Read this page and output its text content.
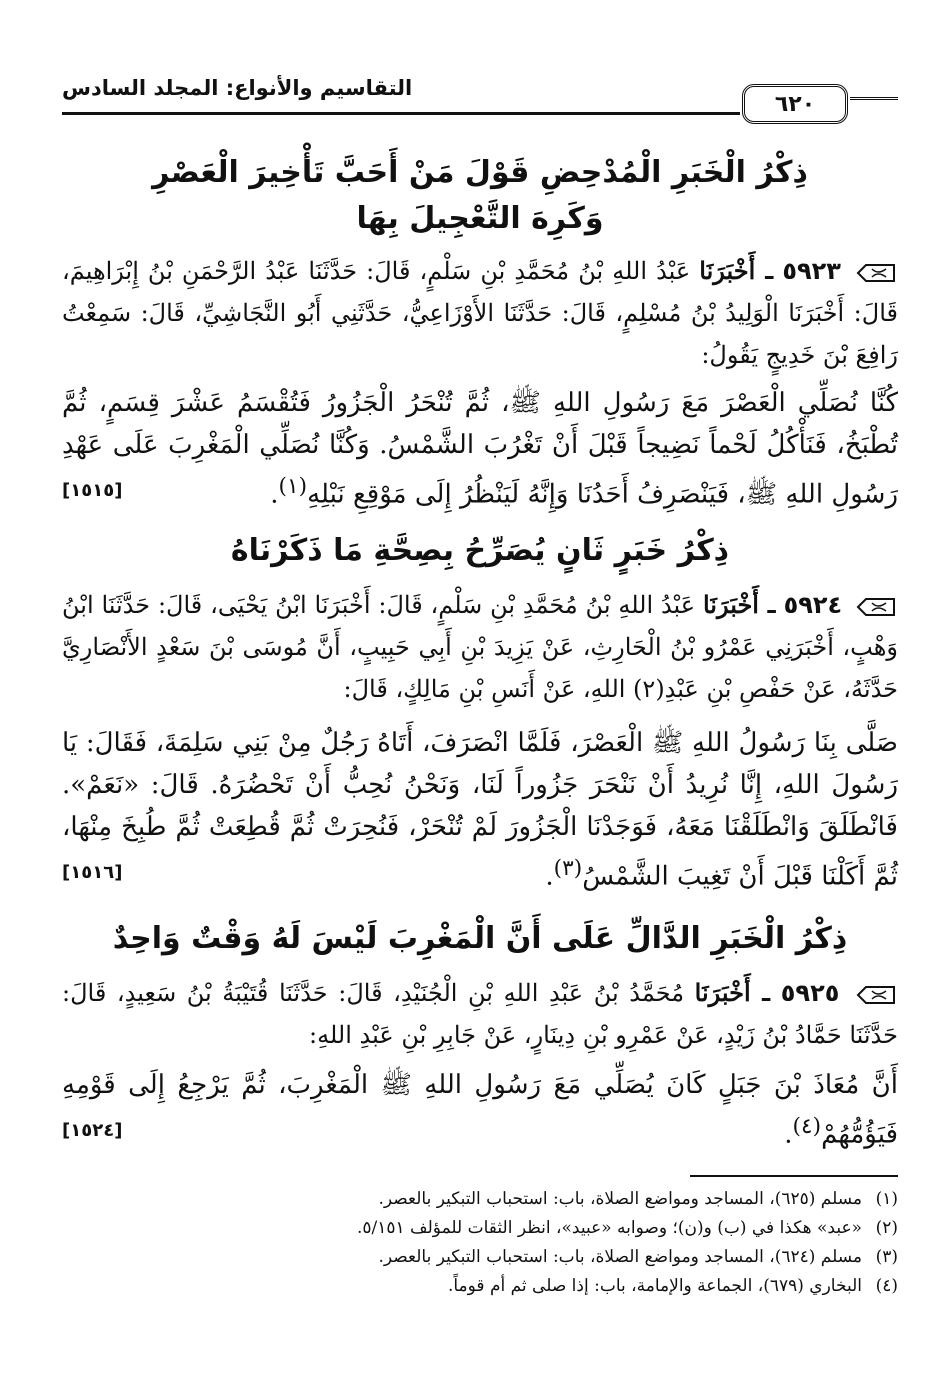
٦٢٠
التقاسيم والأنواع: المجلد السادس
ذِكْرُ الْخَبَرِ الْمُدْحِضِ قَوْلَ مَنْ أَحَبَّ تَأْخِيرَ الْعَصْرِ
وَكَرِهَ التَّعْجِيلَ بِهَا
٥٩٢٣ ـ أَخْبَرَنَا عَبْدُ اللهِ بْنُ مُحَمَّدِ بْنِ سَلْمٍ، قَالَ: حَدَّثَنَا عَبْدُ الرَّحْمَنِ بْنُ إِبْرَاهِيمَ، قَالَ: أَخْبَرَنَا الْوَلِيدُ بْنُ مُسْلِمٍ، قَالَ: حَدَّثَنَا الأَوْزَاعِيُّ، حَدَّثَنِي أَبُو النَّجَاشِيِّ، قَالَ: سَمِعْتُ رَافِعَ بْنَ خَدِيجٍ يَقُولُ:
كُنَّا نُصَلِّي الْعَصْرَ مَعَ رَسُولِ اللهِ ﷺ، ثُمَّ تُنْحَرُ الْجَزُورُ فَتُقْسَمُ عَشْرَ قِسَمٍ، ثُمَّ تُطْبَخُ، فَنَأْكُلُ لَحْماً نَضِيجاً قَبْلَ أَنْ تَغْرُبَ الشَّمْسُ. وَكُنَّا نُصَلِّي الْمَغْرِبَ عَلَى عَهْدِ رَسُولِ اللهِ ﷺ، فَيَنْصَرِفُ أَحَدُنَا وَإِنَّهُ لَيَنْظُرُ إِلَى مَوْقِعِ نَبْلِهِ$^{(١)}$.
[١٥١٥]
ذِكْرُ خَبَرٍ ثَانٍ يُصَرِّحُ بِصِحَّةِ مَا ذَكَرْنَاهُ
٥٩٢٤ ـ أَخْبَرَنَا عَبْدُ اللهِ بْنُ مُحَمَّدِ بْنِ سَلْمٍ، قَالَ: أَخْبَرَنَا ابْنُ يَحْيَى، قَالَ: حَدَّثَنَا ابْنُ وَهْبٍ، أَخْبَرَنِي عَمْرُو بْنُ الْحَارِثِ، عَنْ يَزِيدَ بْنِ أَبِي حَبِيبٍ، أَنَّ مُوسَى بْنَ سَعْدٍ الأَنْصَارِيَّ حَدَّثَهُ، عَنْ حَفْصِ بْنِ عَبْدِ(٢) اللهِ، عَنْ أَنَسِ بْنِ مَالِكٍ، قَالَ:
صَلَّى بِنَا رَسُولُ اللهِ ﷺ الْعَصْرَ، فَلَمَّا انْصَرَفَ، أَتَاهُ رَجُلٌ مِنْ بَنِي سَلِمَةَ، فَقَالَ: يَا رَسُولَ اللهِ، إِنَّا نُرِيدُ أَنْ نَنْحَرَ جَزُوراً لَنَا، وَنَحْنُ نُحِبُّ أَنْ تَحْضُرَهُ. قَالَ: «نَعَمْ». فَانْطَلَقَ وَانْطَلَقْنَا مَعَهُ، فَوَجَدْنَا الْجَزُورَ لَمْ تُنْحَرْ، فَنُحِرَتْ ثُمَّ قُطِعَتْ ثُمَّ طُبِخَ مِنْهَا، ثُمَّ أَكَلْنَا قَبْلَ أَنْ تَغِيبَ الشَّمْسُ$^{(٣)}$.
[١٥١٦]
ذِكْرُ الْخَبَرِ الدَّالِّ عَلَى أَنَّ الْمَغْرِبَ لَيْسَ لَهُ وَقْتٌ وَاحِدٌ
٥٩٢٥ ـ أَخْبَرَنَا مُحَمَّدُ بْنُ عَبْدِ اللهِ بْنِ الْجُنَيْدِ، قَالَ: حَدَّثَنَا قُتَيْبَةُ بْنُ سَعِيدٍ، قَالَ: حَدَّثَنَا حَمَّادُ بْنُ زَيْدٍ، عَنْ عَمْرِو بْنِ دِينَارٍ، عَنْ جَابِرِ بْنِ عَبْدِ اللهِ:
أَنَّ مُعَاذَ بْنَ جَبَلٍ كَانَ يُصَلِّي مَعَ رَسُولِ اللهِ ﷺ الْمَغْرِبَ، ثُمَّ يَرْجِعُ إِلَى قَوْمِهِ فَيَؤُمُّهُمْ$^{(٤)}$.
[١٥٢٤]
(١)
مسلم (٦٢٥)، المساجد ومواضع الصلاة، باب: استحباب التبكير بالعصر.
(٢)
«عبد» هكذا في (ب) و(ن)؛ وصوابه «عبيد»، انظر الثقات للمؤلف ٥/١٥١.
(٣)
مسلم (٦٢٤)، المساجد ومواضع الصلاة، باب: استحباب التبكير بالعصر.
(٤)
البخاري (٦٧٩)، الجماعة والإمامة، باب: إذا صلى ثم أم قوماً.
